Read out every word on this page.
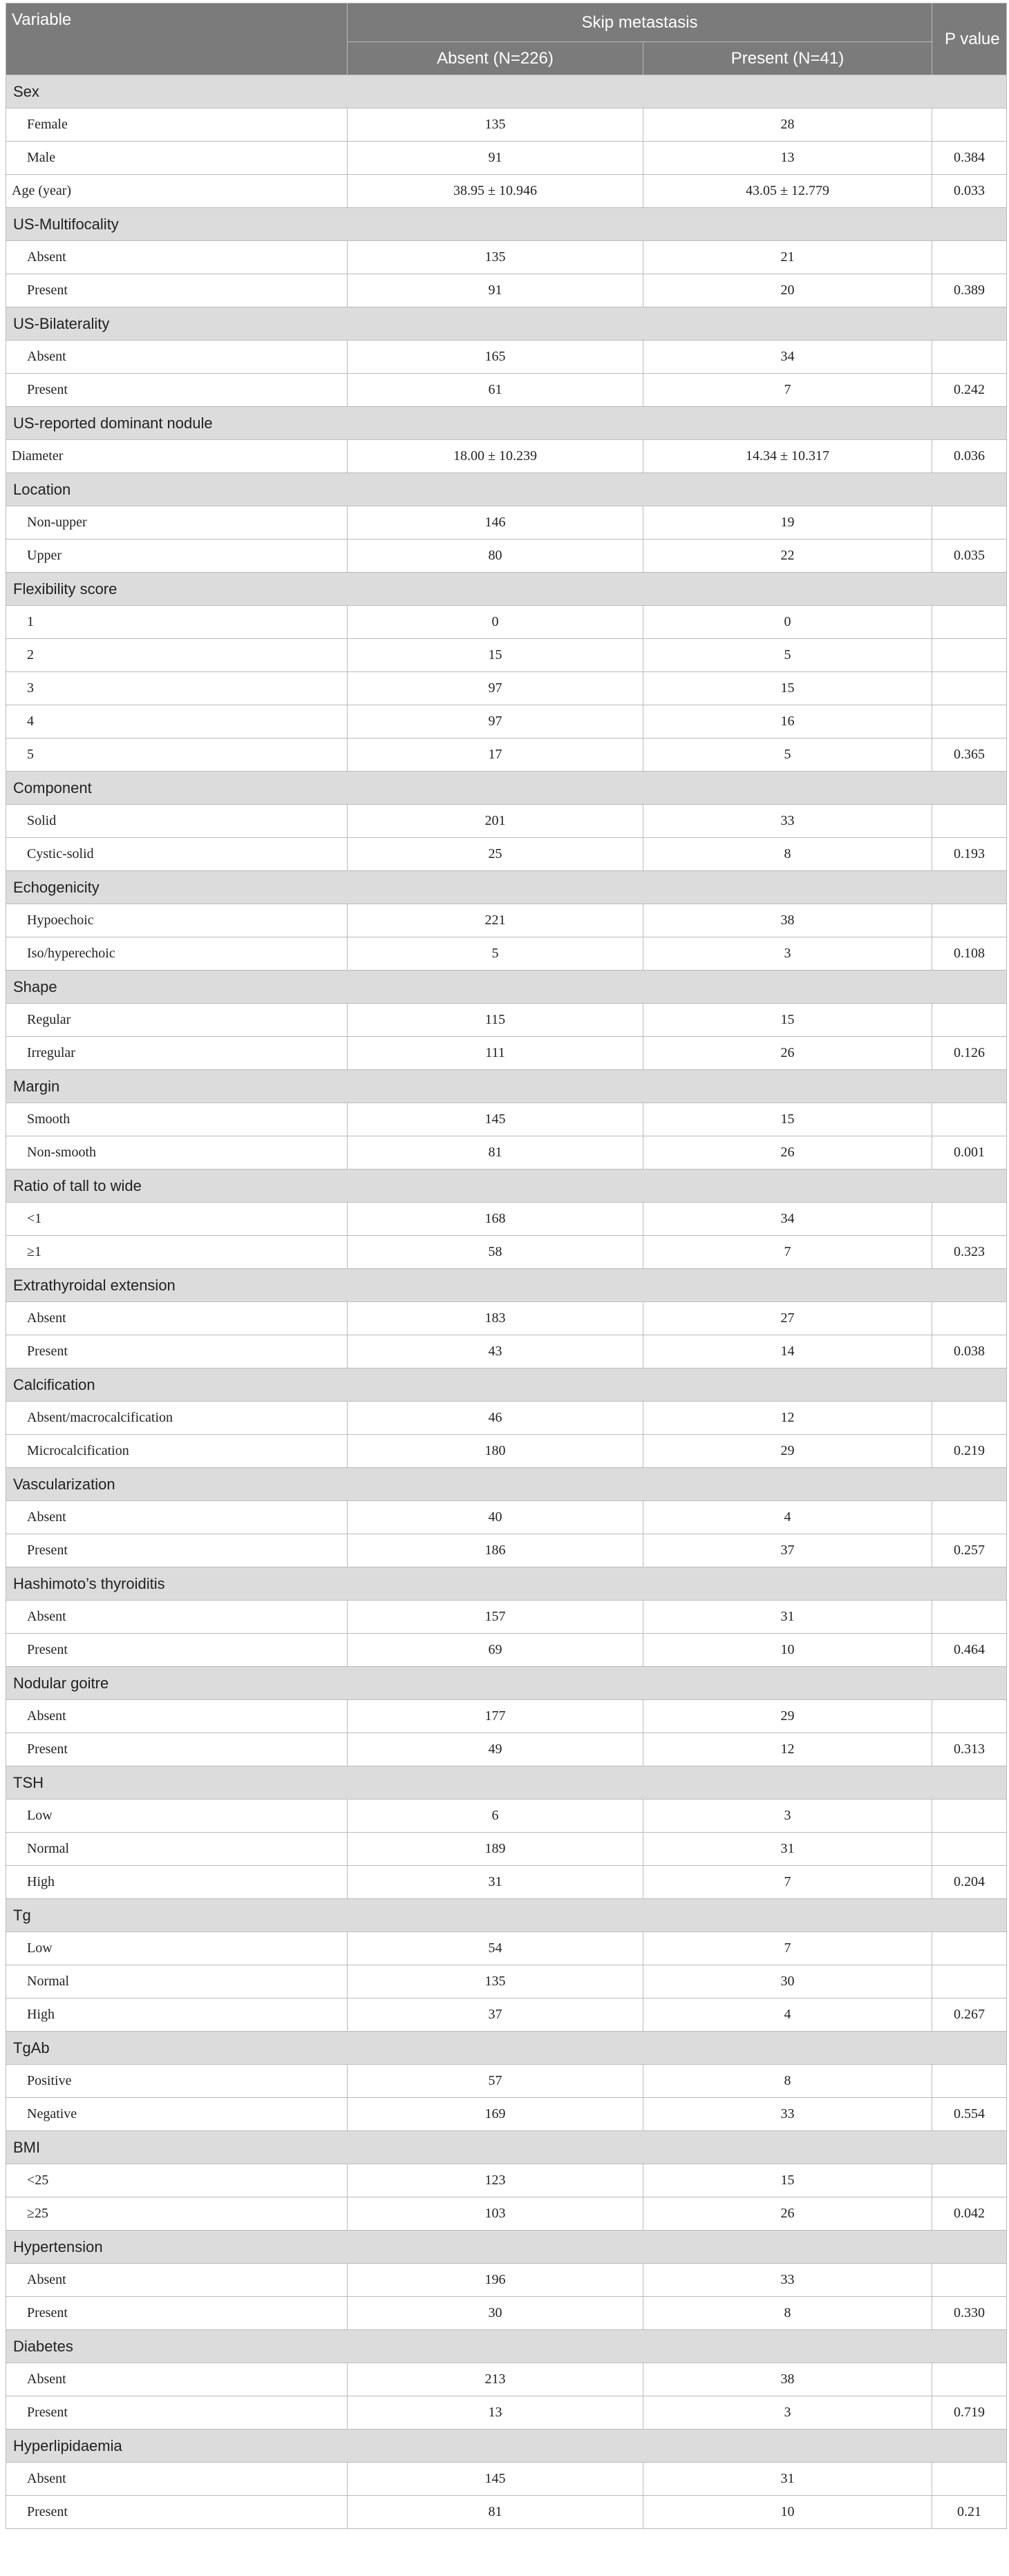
Variable	Skip metastasis		P value
	Absent (N=226)	Present (N=41)	
Sex			
Female	135	28	
Male	91	13	0.384
Age (year)	38.95 ± 10.946	43.05 ± 12.779	0.033
US-Multifocality			
Absent	135	21	
Present	91	20	0.389
US-Bilaterality			
Absent	165	34	
Present	61	7	0.242
US-reported dominant nodule			
Diameter	18.00 ± 10.239	14.34 ± 10.317	0.036
Location			
Non-upper	146	19	
Upper	80	22	0.035
Flexibility score			
1	0	0	
2	15	5	
3	97	15	
4	97	16	
5	17	5	0.365
Component			
Solid	201	33	
Cystic-solid	25	8	0.193
Echogenicity			
Hypoechoic	221	38	
Iso/hyperechoic	5	3	0.108
Shape			
Regular	115	15	
Irregular	111	26	0.126
Margin			
Smooth	145	15	
Non-smooth	81	26	0.001
Ratio of tall to wide			
<1	168	34	
≥1	58	7	0.323
Extrathyroidal extension			
Absent	183	27	
Present	43	14	0.038
Calcification			
Absent/macrocalcification	46	12	
Microcalcification	180	29	0.219
Vascularization			
Absent	40	4	
Present	186	37	0.257
Hashimoto’s thyroiditis			
Absent	157	31	
Present	69	10	0.464
Nodular goitre			
Absent	177	29	
Present	49	12	0.313
TSH			
Low	6	3	
Normal	189	31	
High	31	7	0.204
Tg			
Low	54	7	
Normal	135	30	
High	37	4	0.267
TgAb			
Positive	57	8	
Negative	169	33	0.554
BMI			
<25	123	15	
≥25	103	26	0.042
Hypertension			
Absent	196	33	
Present	30	8	0.330
Diabetes			
Absent	213	38	
Present	13	3	0.719
Hyperlipidaemia			
Absent	145	31	
Present	81	10	0.21
